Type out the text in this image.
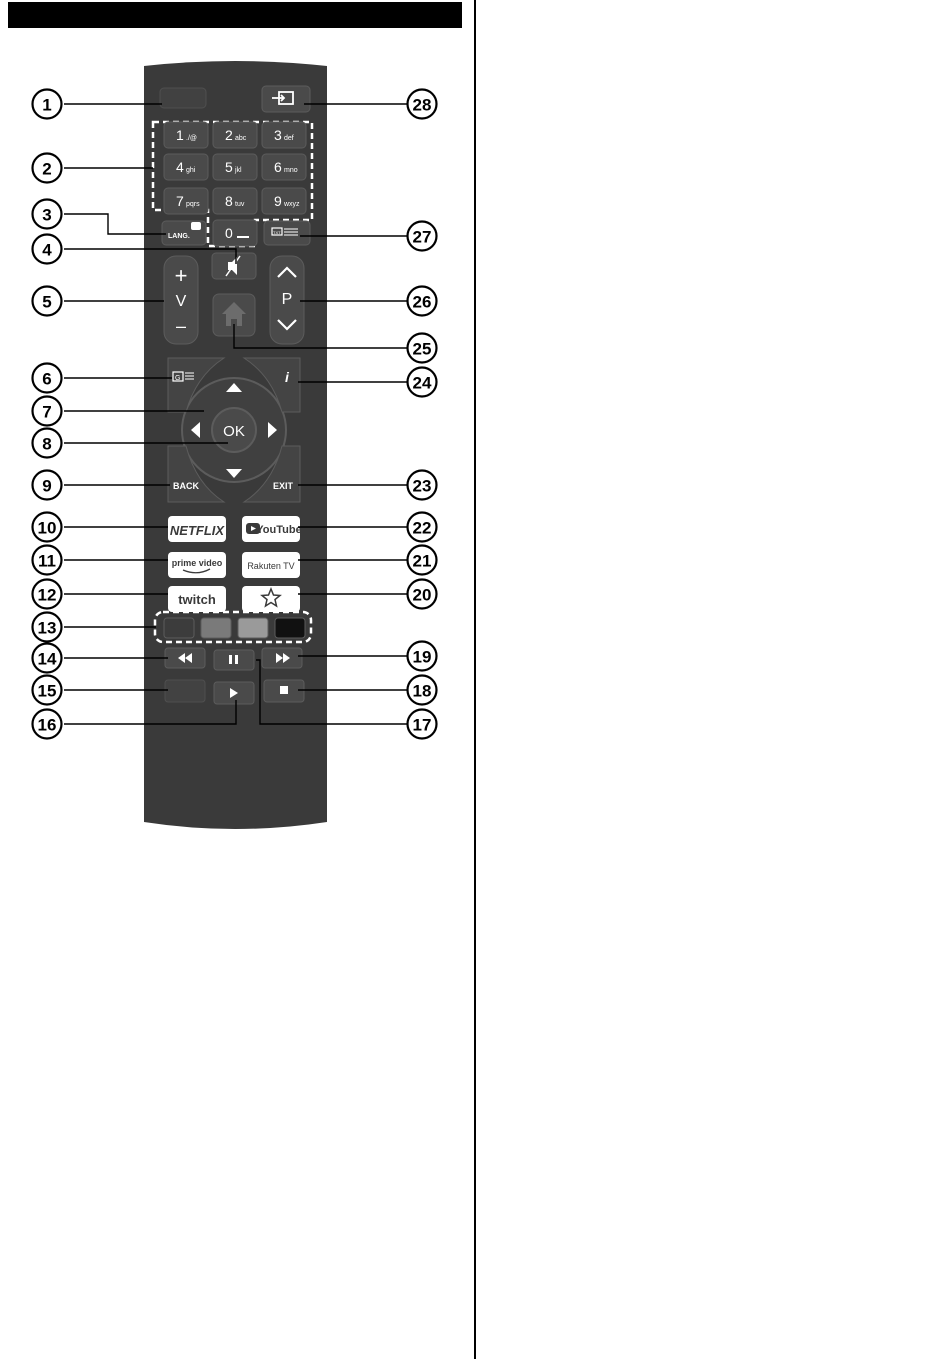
1 ./@ 2 abc 3 def
4 ghi 5 jkl 6 mno
7 pqrs 8 tuv 9 wxyz
0
LANG.
TXT
+
V
–
P
OK
G	i
BACK	EXIT
NETFLIX	YouTube
prime video	Rakuten TV
twitch
1
2
3
4
5
6
7
8
9
10
11
12
13
14
15
16
28
27
26
25
24
23
22
21
20
19
18
17
